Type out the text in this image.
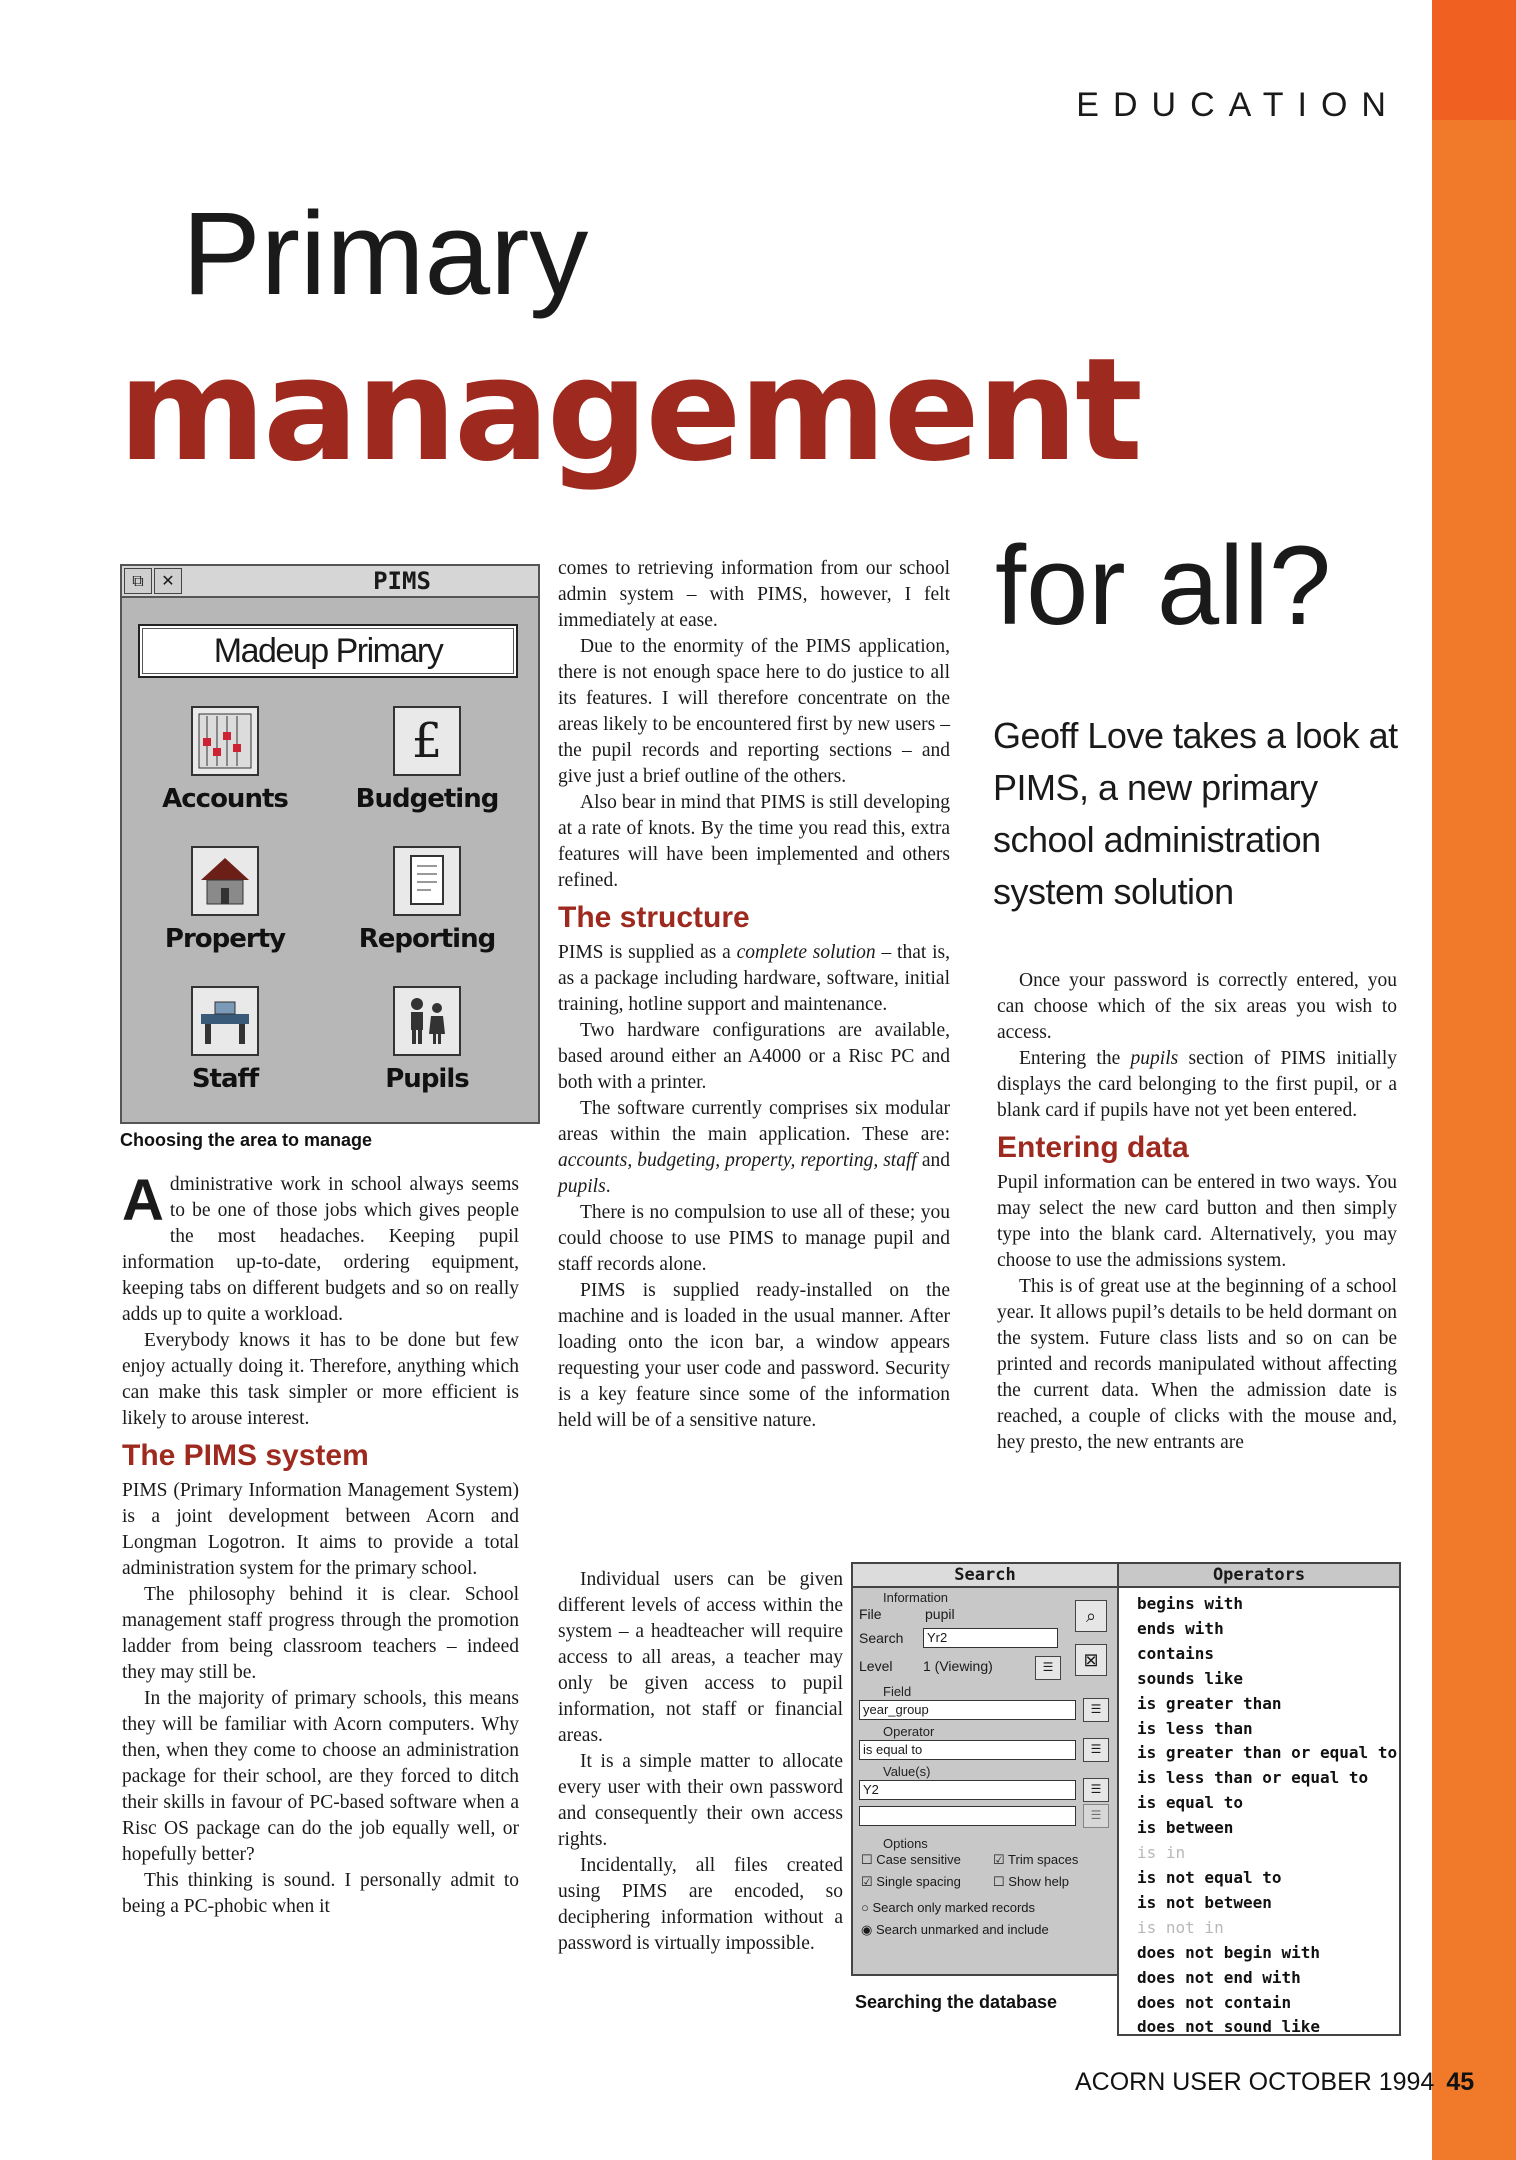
EDUCATION
Primary
management
for all?
Geoff Love takes a look at PIMS, a new primary school administration system solution
⧉	✕	PIMS
Madeup Primary
Accounts
£
Budgeting
Property	Reporting
Staff	Pupils
Choosing the area to manage

Administrative work in school always seems to be one of those jobs which gives people the most headaches. Keeping pupil information up-to-date, ordering equipment, keeping tabs on different budgets and so on really adds up to quite a workload.

Everybody knows it has to be done but few enjoy actually doing it. Therefore, anything which can make this task simpler or more efficient is likely to arouse interest.

The PIMS system

PIMS (Primary Information Management System) is a joint development between Acorn and Longman Logotron. It aims to provide a total administration system for the primary school.

The philosophy behind it is clear. School management staff progress through the promotion ladder from being classroom teachers – indeed they may still be.

In the majority of primary schools, this means they will be familiar with Acorn computers. Why then, when they come to choose an administration package for their school, are they forced to ditch their skills in favour of PC-based software when a Risc OS package can do the job equally well, or hopefully better?

This thinking is sound. I personally admit to being a PC-phobic when it

comes to retrieving information from our school admin system – with PIMS, however, I felt immediately at ease.

Due to the enormity of the PIMS application, there is not enough space here to do justice to all its features. I will therefore concentrate on the areas likely to be encountered first by new users – the pupil records and reporting sections – and give just a brief outline of the others.

Also bear in mind that PIMS is still developing at a rate of knots. By the time you read this, extra features will have been implemented and others refined.

The structure

PIMS is supplied as a complete solution – that is, as a package including hardware, software, initial training, hotline support and maintenance.

Two hardware configurations are available, based around either an A4000 or a Risc PC and both with a printer.

The software currently comprises six modular areas within the main application. These are: accounts, budgeting, property, reporting, staff and pupils.

There is no compulsion to use all of these; you could choose to use PIMS to manage pupil and staff records alone.

PIMS is supplied ready-installed on the machine and is loaded in the usual manner. After loading onto the icon bar, a window appears requesting your user code and password. Security is a key feature since some of the information held will be of a sensitive nature.

Individual users can be given different levels of access within the system – a headteacher will require access to all areas, a teacher may only be given access to pupil information, not staff or financial areas.

It is a simple matter to allocate every user with their own password and consequently their own access rights.

Incidentally, all files created using PIMS are encoded, so deciphering information without a password is virtually impossible.

Once your password is correctly entered, you can choose which of the six areas you wish to access.

Entering the pupils section of PIMS initially displays the card belonging to the first pupil, or a blank card if pupils have not yet been entered.

Entering data

Pupil information can be entered in two ways. You may select the new card button and then simply type into the blank card. Alternatively, you may choose to use the admissions system.

This is of great use at the beginning of a school year. It allows pupil’s details to be held dormant on the system. Future class lists and so on can be printed and records manipulated without affecting the current data. When the admission date is reached, a couple of clicks with the mouse and, hey presto, the new entrants are

Search
Information
File	pupil
Search	Yr2
Level 1 (Viewing)	☰
⌕
⊠
Field
year_group	☰
Operator
is equal to	☰
Value(s)
Y2	☰
☰
Options
☐ Case sensitive ☑ Trim spaces
☑ Single spacing ☐ Show help
○ Search only marked records
◉ Search unmarked and include
Searching the database
Operators
begins with
ends with
contains
sounds like
is greater than
is less than
is greater than or equal to
is less than or equal to
is equal to
is between
is in
is not equal to
is not between
is not in
does not begin with
does not end with
does not contain
does not sound like
ACORN USER OCTOBER 1994 45
